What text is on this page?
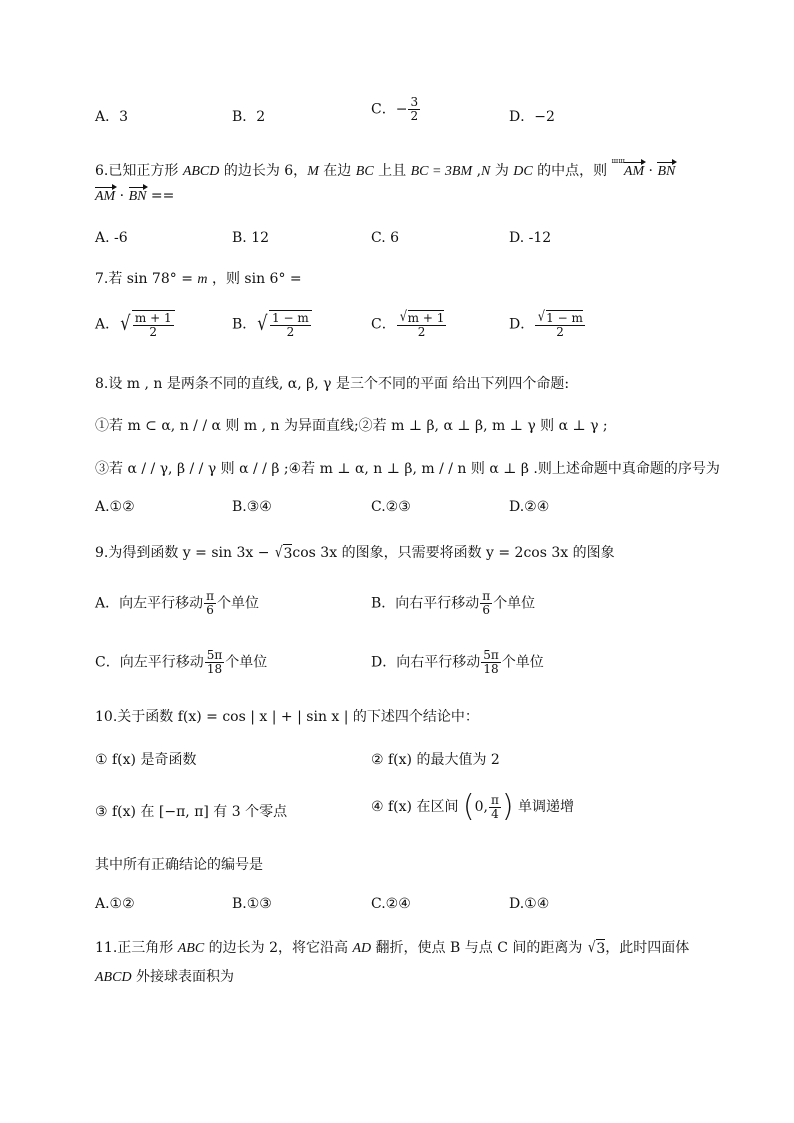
A．3	B．2	C．− $\frac{3}{2}$	D．−2
6.已知正方形 ABCD 的边长为 6，M 在边 BC 上且 BC = 3BM ,N 为 DC 的中点，则 $^{ш ш}$AM · BN
AM · BN ==
A. -6	B. 12	C. 6	D. -12
7.若 sin 78° = m ，则 sin 6° =
A． √ $\frac{m + 1}{2}$	B． √ $\frac{1 - m}{2}$	C． $\frac{√ m + 1}{2}$	D． $\frac{√ 1 - m}{2}$
8.设 m , n 是两条不同的直线, α, β, γ 是三个不同的平面 给出下列四个命题:
①若 m ⊂ α, n / / α 则 m , n 为异面直线;②若 m ⊥ β, α ⊥ β, m ⊥ γ 则 α ⊥ γ ;
③若 α / / γ, β / / γ 则 α / / β ;④若 m ⊥ α, n ⊥ β, m / / n 则 α ⊥ β .则上述命题中真命题的序号为
A.①②	B.③④	C.②③	D.②④
9.为得到函数 y = sin 3x − √ 3 cos 3x 的图象，只需要将函数 y = 2cos 3x 的图象
A．向左平行移动 $\frac{\pi}{6}$ 个单位	B．向右平行移动 $\frac{\pi}{6}$ 个单位
C．向左平行移动 $\frac{5\pi}{18}$ 个单位	D．向右平行移动 $\frac{5\pi}{18}$ 个单位
10.关于函数 f(x) = cos | x | + | sin x | 的下述四个结论中：
① f(x) 是奇函数	② f(x) 的最大值为 2
③ f(x) 在 [−π, π] 有 3 个零点	④ f(x) 在区间 (0, $\frac{\pi}{4}$ ) 单调递增
其中所有正确结论的编号是
A.①②	B.①③	C.②④	D.①④
11.正三角形 ABC 的边长为 2，将它沿高 AD 翻折，使点 B 与点 C 间的距离为 √ 3 ，此时四面体
ABCD 外接球表面积为
